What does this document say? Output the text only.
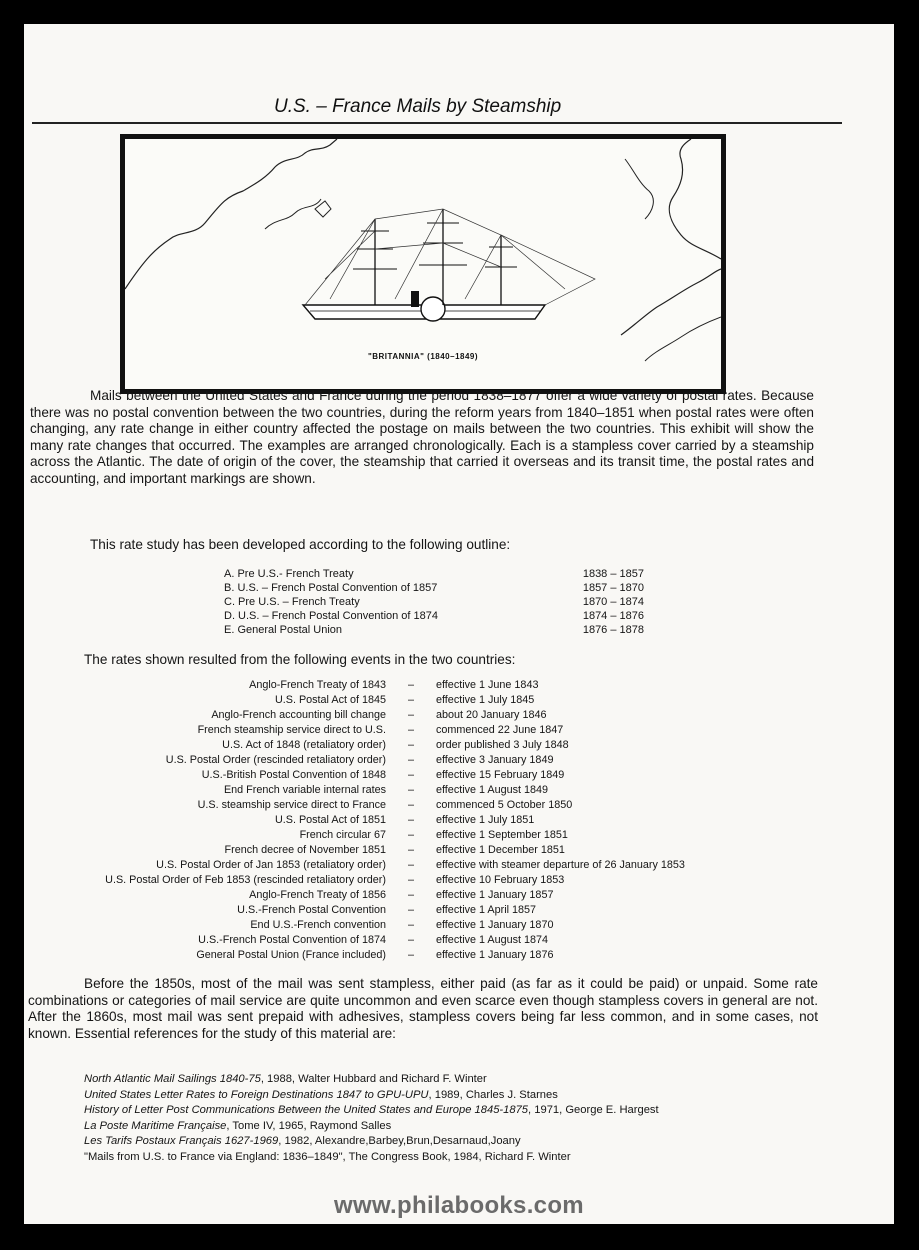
U.S. – France Mails by Steamship
"BRITANNIA" (1840–1849)
Mails between the United States and France during the period 1838–1877 offer a wide variety of postal rates. Because there was no postal convention between the two countries, during the reform years from 1840–1851 when postal rates were often changing, any rate change in either country affected the postage on mails between the two countries. This exhibit will show the many rate changes that occurred. The examples are arranged chronologically. Each is a stampless cover carried by a steamship across the Atlantic. The date of origin of the cover, the steamship that carried it overseas and its transit time, the postal rates and accounting, and important markings are shown.
This rate study has been developed according to the following outline:
A. Pre U.S.- French Treaty	1838 – 1857
B. U.S. – French Postal Convention of 1857	1857 – 1870
C. Pre U.S. – French Treaty	1870 – 1874
D. U.S. – French Postal Convention of 1874	1874 – 1876
E. General Postal Union	1876 – 1878
The rates shown resulted from the following events in the two countries:
Anglo-French Treaty of 1843	–	effective 1 June 1843
U.S. Postal Act of 1845	–	effective 1 July 1845
Anglo-French accounting bill change	–	about 20 January 1846
French steamship service direct to U.S.	–	commenced 22 June 1847
U.S. Act of 1848 (retaliatory order)	–	order published 3 July 1848
U.S. Postal Order (rescinded retaliatory order)	–	effective 3 January 1849
U.S.-British Postal Convention of 1848	–	effective 15 February 1849
End French variable internal rates	–	effective 1 August 1849
U.S. steamship service direct to France	–	commenced 5 October 1850
U.S. Postal Act of 1851	–	effective 1 July 1851
French circular 67	–	effective 1 September 1851
French decree of November 1851	–	effective 1 December 1851
U.S. Postal Order of Jan 1853 (retaliatory order)	–	effective with steamer departure of 26 January 1853
U.S. Postal Order of Feb 1853 (rescinded retaliatory order)	–	effective 10 February 1853
Anglo-French Treaty of 1856	–	effective 1 January 1857
U.S.-French Postal Convention	–	effective 1 April 1857
End U.S.-French convention	–	effective 1 January 1870
U.S.-French Postal Convention of 1874	–	effective 1 August 1874
General Postal Union (France included)	–	effective 1 January 1876
Before the 1850s, most of the mail was sent stampless, either paid (as far as it could be paid) or unpaid. Some rate combinations or categories of mail service are quite uncommon and even scarce even though stampless covers in general are not. After the 1860s, most mail was sent prepaid with adhesives, stampless covers being far less common, and in some cases, not known. Essential references for the study of this material are:
North Atlantic Mail Sailings 1840-75, 1988, Walter Hubbard and Richard F. Winter
United States Letter Rates to Foreign Destinations 1847 to GPU-UPU, 1989, Charles J. Starnes
History of Letter Post Communications Between the United States and Europe 1845-1875, 1971, George E. Hargest
La Poste Maritime Française, Tome IV, 1965, Raymond Salles
Les Tarifs Postaux Français 1627-1969, 1982, Alexandre,Barbey,Brun,Desarnaud,Joany
"Mails from U.S. to France via England: 1836–1849", The Congress Book, 1984, Richard F. Winter
www.philabooks.com
